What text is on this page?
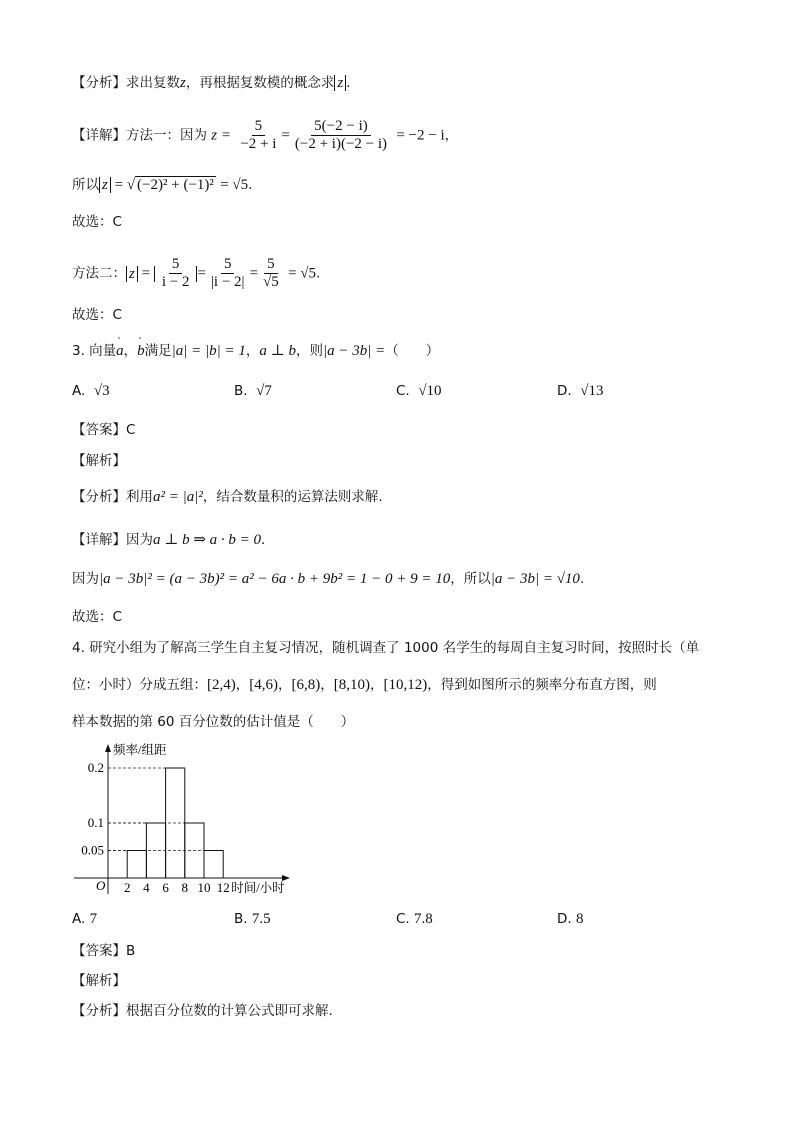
【分析】求出复数z，再根据复数模的概念求 z .
【详解】方法一：因为 $z = \frac{5}{-2 + i} = \frac{5(-2 - i)}{(-2 + i)(-2 - i)} = -2 - i$，
所以 z = √ (−2)² + (−1)² = √5.
故选：C
方法二： $z = \frac{5}{i - 2} = \frac{5}{|i - 2|} = \frac{5}{√5} = √5$.
故选：C
3. 向量' a，' b满足|a| = |b| = 1，a ⊥ b，则|a − 3b| =（　　）
A. √3	B. √7	C. √10	D. √13
【答案】C
【解析】
【分析】利用a² = |a|²，结合数量积的运算法则求解.
【详解】因为a ⊥ b ⇒ a · b = 0.
因为|a − 3b|² = (a − 3b)² = a² − 6a · b + 9b² = 1 − 0 + 9 = 10，所以|a − 3b| = √10.
故选：C
4. 研究小组为了解高三学生自主复习情况，随机调查了 1000 名学生的每周自主复习时间，按照时长（单
位：小时）分成五组：[2,4)，[4,6)，[6,8)，[8,10)，[10,12)，得到如图所示的频率分布直方图，则
样本数据的第 60 百分位数的估计值是（　　）
0.05
0.1
0.2
2 4 6 8 10 12
O
频率/组距
时间/小时
A. 7	B. 7.5	C. 7.8	D. 8
【答案】B
【解析】
【分析】根据百分位数的计算公式即可求解.
